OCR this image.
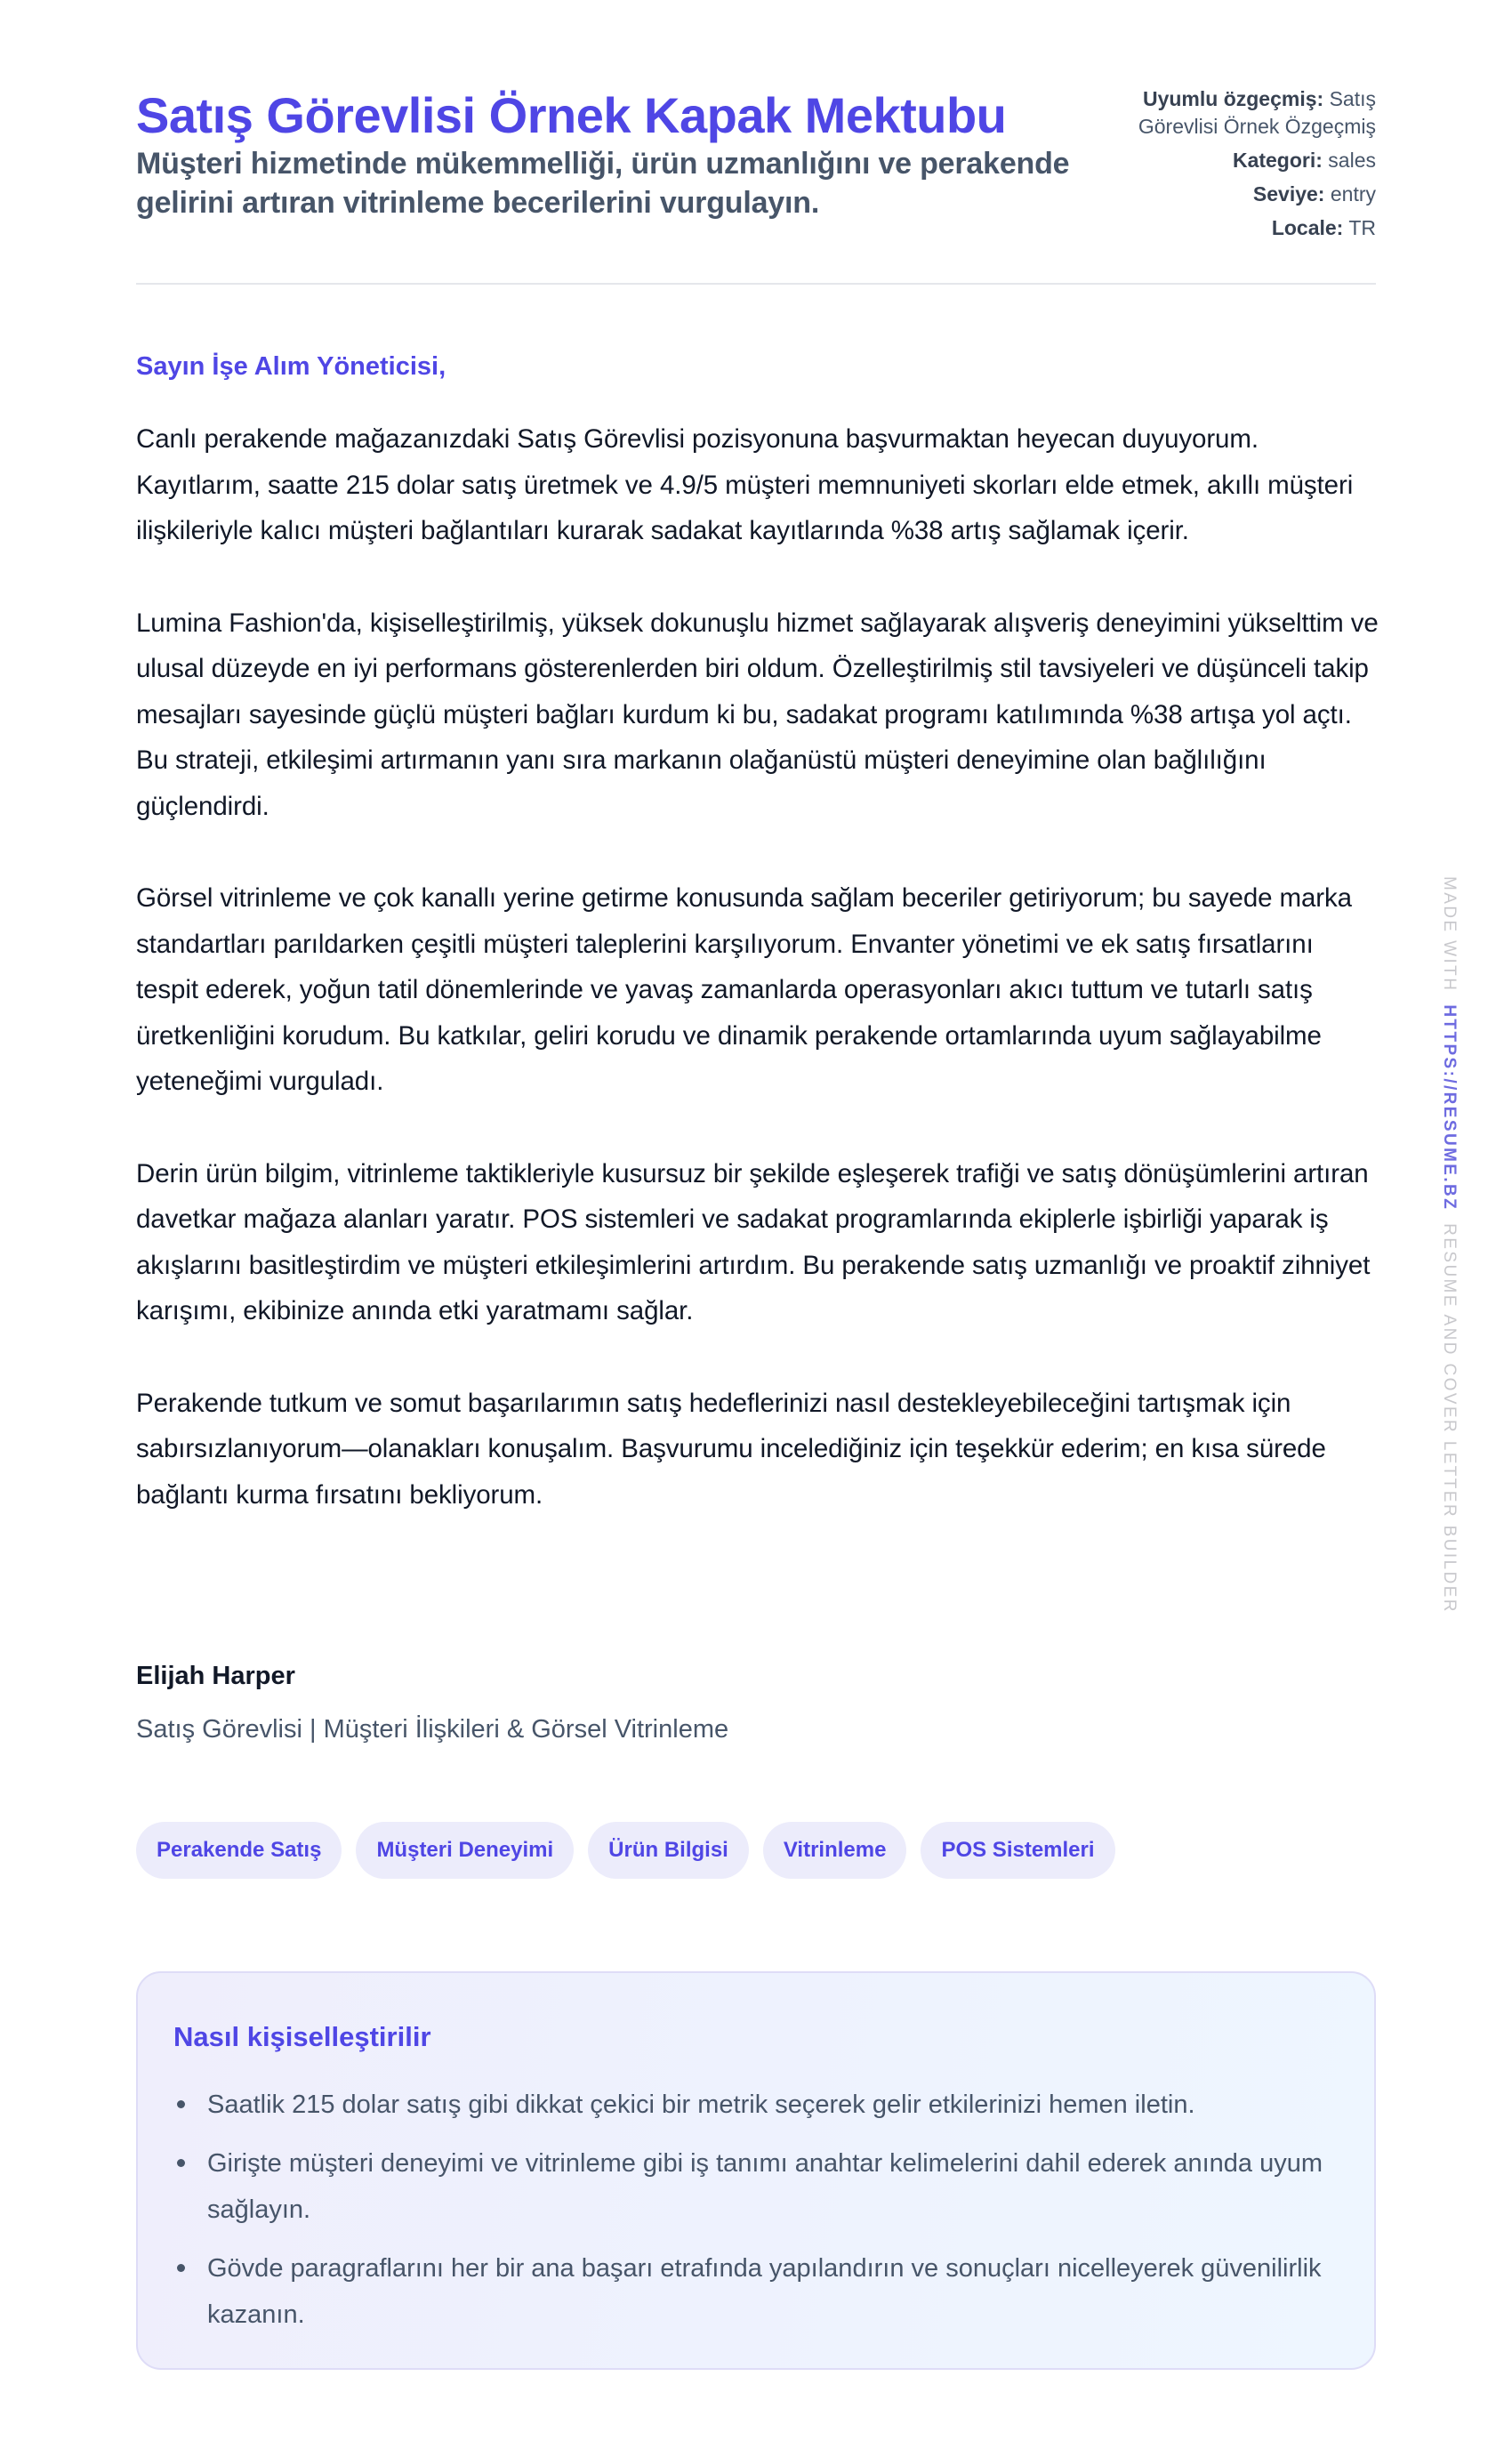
Satış Görevlisi Örnek Kapak Mektubu

Müşteri hizmetinde mükemmelliği, ürün uzmanlığını ve perakende gelirini artıran vitrinleme becerilerini vurgulayın.

Uyumlu özgeçmiş: Satış Görevlisi Örnek Özgeçmiş
Kategori: sales
Seviye: entry
Locale: TR

Sayın İşe Alım Yöneticisi,

Canlı perakende mağazanızdaki Satış Görevlisi pozisyonuna başvurmaktan heyecan duyuyorum. Kayıtlarım, saatte 215 dolar satış üretmek ve 4.9/5 müşteri memnuniyeti skorları elde etmek, akıllı müşteri ilişkileriyle kalıcı müşteri bağlantıları kurarak sadakat kayıtlarında %38 artış sağlamak içerir.

Lumina Fashion'da, kişiselleştirilmiş, yüksek dokunuşlu hizmet sağlayarak alışveriş deneyimini yükselttim ve ulusal düzeyde en iyi performans gösterenlerden biri oldum. Özelleştirilmiş stil tavsiyeleri ve düşünceli takip mesajları sayesinde güçlü müşteri bağları kurdum ki bu, sadakat programı katılımında %38 artışa yol açtı. Bu strateji, etkileşimi artırmanın yanı sıra markanın olağanüstü müşteri deneyimine olan bağlılığını güçlendirdi.

Görsel vitrinleme ve çok kanallı yerine getirme konusunda sağlam beceriler getiriyorum; bu sayede marka standartları parıldarken çeşitli müşteri taleplerini karşılıyorum. Envanter yönetimi ve ek satış fırsatlarını tespit ederek, yoğun tatil dönemlerinde ve yavaş zamanlarda operasyonları akıcı tuttum ve tutarlı satış üretkenliğini korudum. Bu katkılar, geliri korudu ve dinamik perakende ortamlarında uyum sağlayabilme yeteneğimi vurguladı.

Derin ürün bilgim, vitrinleme taktikleriyle kusursuz bir şekilde eşleşerek trafiği ve satış dönüşümlerini artıran davetkar mağaza alanları yaratır. POS sistemleri ve sadakat programlarında ekiplerle işbirliği yaparak iş akışlarını basitleştirdim ve müşteri etkileşimlerini artırdım. Bu perakende satış uzmanlığı ve proaktif zihniyet karışımı, ekibinize anında etki yaratmamı sağlar.

Perakende tutkum ve somut başarılarımın satış hedeflerinizi nasıl destekleyebileceğini tartışmak için sabırsızlanıyorum—olanakları konuşalım. Başvurumu incelediğiniz için teşekkür ederim; en kısa sürede bağlantı kurma fırsatını bekliyorum.

Elijah Harper

Satış Görevlisi | Müşteri İlişkileri & Görsel Vitrinleme

Perakende Satış	Müşteri Deneyimi	Ürün Bilgisi	Vitrinleme	POS Sistemleri
Nasıl kişiselleştirilir
Saatlik 215 dolar satış gibi dikkat çekici bir metrik seçerek gelir etkilerinizi hemen iletin.
Girişte müşteri deneyimi ve vitrinleme gibi iş tanımı anahtar kelimelerini dahil ederek anında uyum sağlayın.
Gövde paragraflarını her bir ana başarı etrafında yapılandırın ve sonuçları nicelleyerek güvenilirlik kazanın.
MADE WITHHTTPS://RESUME.BZRESUME AND COVER LETTER BUILDER
